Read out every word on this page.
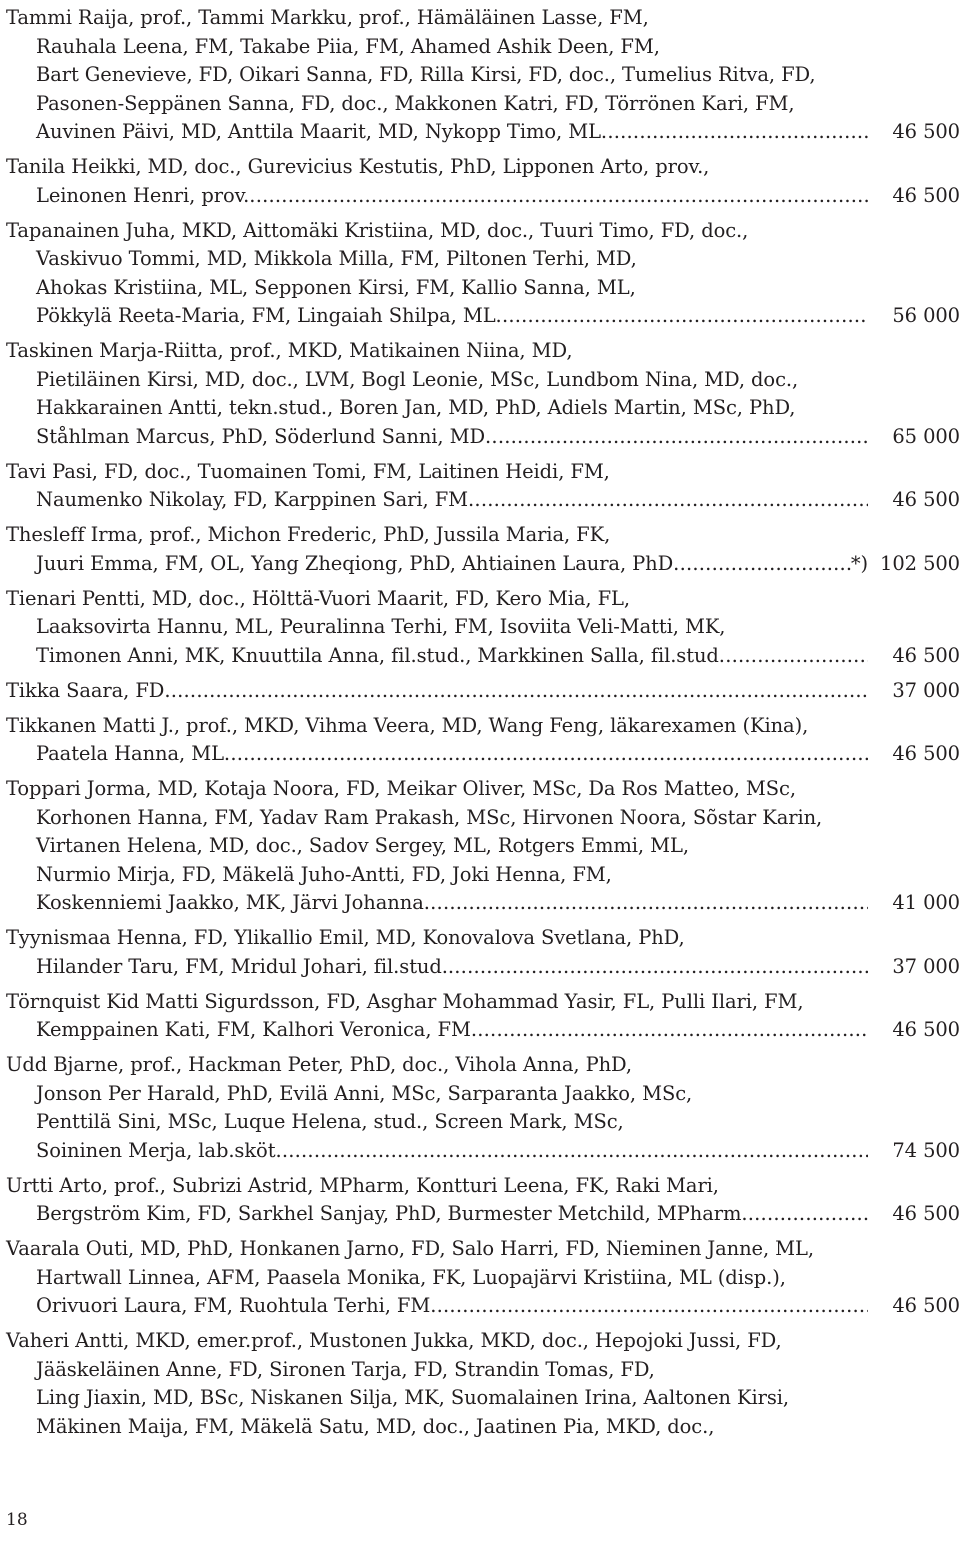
Tammi Raija, prof., Tammi Markku, prof., Hämäläinen Lasse, FM,
Rauhala Leena, FM, Takabe Piia, FM, Ahamed Ashik Deen, FM,
Bart Genevieve, FD, Oikari Sanna, FD, Rilla Kirsi, FD, doc., Tumelius Ritva, FD,
Pasonen-Seppänen Sanna, FD, doc., Makkonen Katri, FD, Törrönen Kari, FM,
Auvinen Päivi, MD, Anttila Maarit, MD, Nykopp Timo, ML .....	46 500
Tanila Heikki, MD, doc., Gurevicius Kestutis, PhD, Lipponen Arto, prov.,
Leinonen Henri, prov. .....	46 500
Tapanainen Juha, MKD, Aittomäki Kristiina, MD, doc., Tuuri Timo, FD, doc.,
Vaskivuo Tommi, MD, Mikkola Milla, FM, Piltonen Terhi, MD,
Ahokas Kristiina, ML, Sepponen Kirsi, FM, Kallio Sanna, ML,
Pökkylä Reeta-Maria, FM, Lingaiah Shilpa, ML .....	56 000
Taskinen Marja-Riitta, prof., MKD, Matikainen Niina, MD,
Pietiläinen Kirsi, MD, doc., LVM, Bogl Leonie, MSc, Lundbom Nina, MD, doc.,
Hakkarainen Antti, tekn.stud., Boren Jan, MD, PhD, Adiels Martin, MSc, PhD,
Ståhlman Marcus, PhD, Söderlund Sanni, MD .....	65 000
Tavi Pasi, FD, doc., Tuomainen Tomi, FM, Laitinen Heidi, FM,
Naumenko Nikolay, FD, Karppinen Sari, FM .....	46 500
Thesleff Irma, prof., Michon Frederic, PhD, Jussila Maria, FK,
Juuri Emma, FM, OL, Yang Zheqiong, PhD, Ahtiainen Laura, PhD .....	*) 102 500
Tienari Pentti, MD, doc., Hölttä-Vuori Maarit, FD, Kero Mia, FL,
Laaksovirta Hannu, ML, Peuralinna Terhi, FM, Isoviita Veli-Matti, MK,
Timonen Anni, MK, Knuuttila Anna, fil.stud., Markkinen Salla, fil.stud .....	46 500
Tikka Saara, FD .....	37 000
Tikkanen Matti J., prof., MKD, Vihma Veera, MD, Wang Feng, läkarexamen (Kina),
Paatela Hanna, ML .....	46 500
Toppari Jorma, MD, Kotaja Noora, FD, Meikar Oliver, MSc, Da Ros Matteo, MSc,
Korhonen Hanna, FM, Yadav Ram Prakash, MSc, Hirvonen Noora, Sõstar Karin,
Virtanen Helena, MD, doc., Sadov Sergey, ML, Rotgers Emmi, ML,
Nurmio Mirja, FD, Mäkelä Juho-Antti, FD, Joki Henna, FM,
Koskenniemi Jaakko, MK, Järvi Johanna .....	41 000
Tyynismaa Henna, FD, Ylikallio Emil, MD, Konovalova Svetlana, PhD,
Hilander Taru, FM, Mridul Johari, fil.stud. .....	37 000
Törnquist Kid Matti Sigurdsson, FD, Asghar Mohammad Yasir, FL, Pulli Ilari, FM,
Kemppainen Kati, FM, Kalhori Veronica, FM .....	46 500
Udd Bjarne, prof., Hackman Peter, PhD, doc., Vihola Anna, PhD,
Jonson Per Harald, PhD, Evilä Anni, MSc, Sarparanta Jaakko, MSc,
Penttilä Sini, MSc, Luque Helena, stud., Screen Mark, MSc,
Soininen Merja, lab.sköt .....	74 500
Urtti Arto, prof., Subrizi Astrid, MPharm, Kontturi Leena, FK, Raki Mari,
Bergström Kim, FD, Sarkhel Sanjay, PhD, Burmester Metchild, MPharm .....	46 500
Vaarala Outi, MD, PhD, Honkanen Jarno, FD, Salo Harri, FD, Nieminen Janne, ML,
Hartwall Linnea, AFM, Paasela Monika, FK, Luopajärvi Kristiina, ML (disp.),
Orivuori Laura, FM, Ruohtula Terhi, FM .....	46 500
Vaheri Antti, MKD, emer.prof., Mustonen Jukka, MKD, doc., Hepojoki Jussi, FD,
Jääskeläinen Anne, FD, Sironen Tarja, FD, Strandin Tomas, FD,
Ling Jiaxin, MD, BSc, Niskanen Silja, MK, Suomalainen Irina, Aaltonen Kirsi,
Mäkinen Maija, FM, Mäkelä Satu, MD, doc., Jaatinen Pia, MKD, doc.,
18
